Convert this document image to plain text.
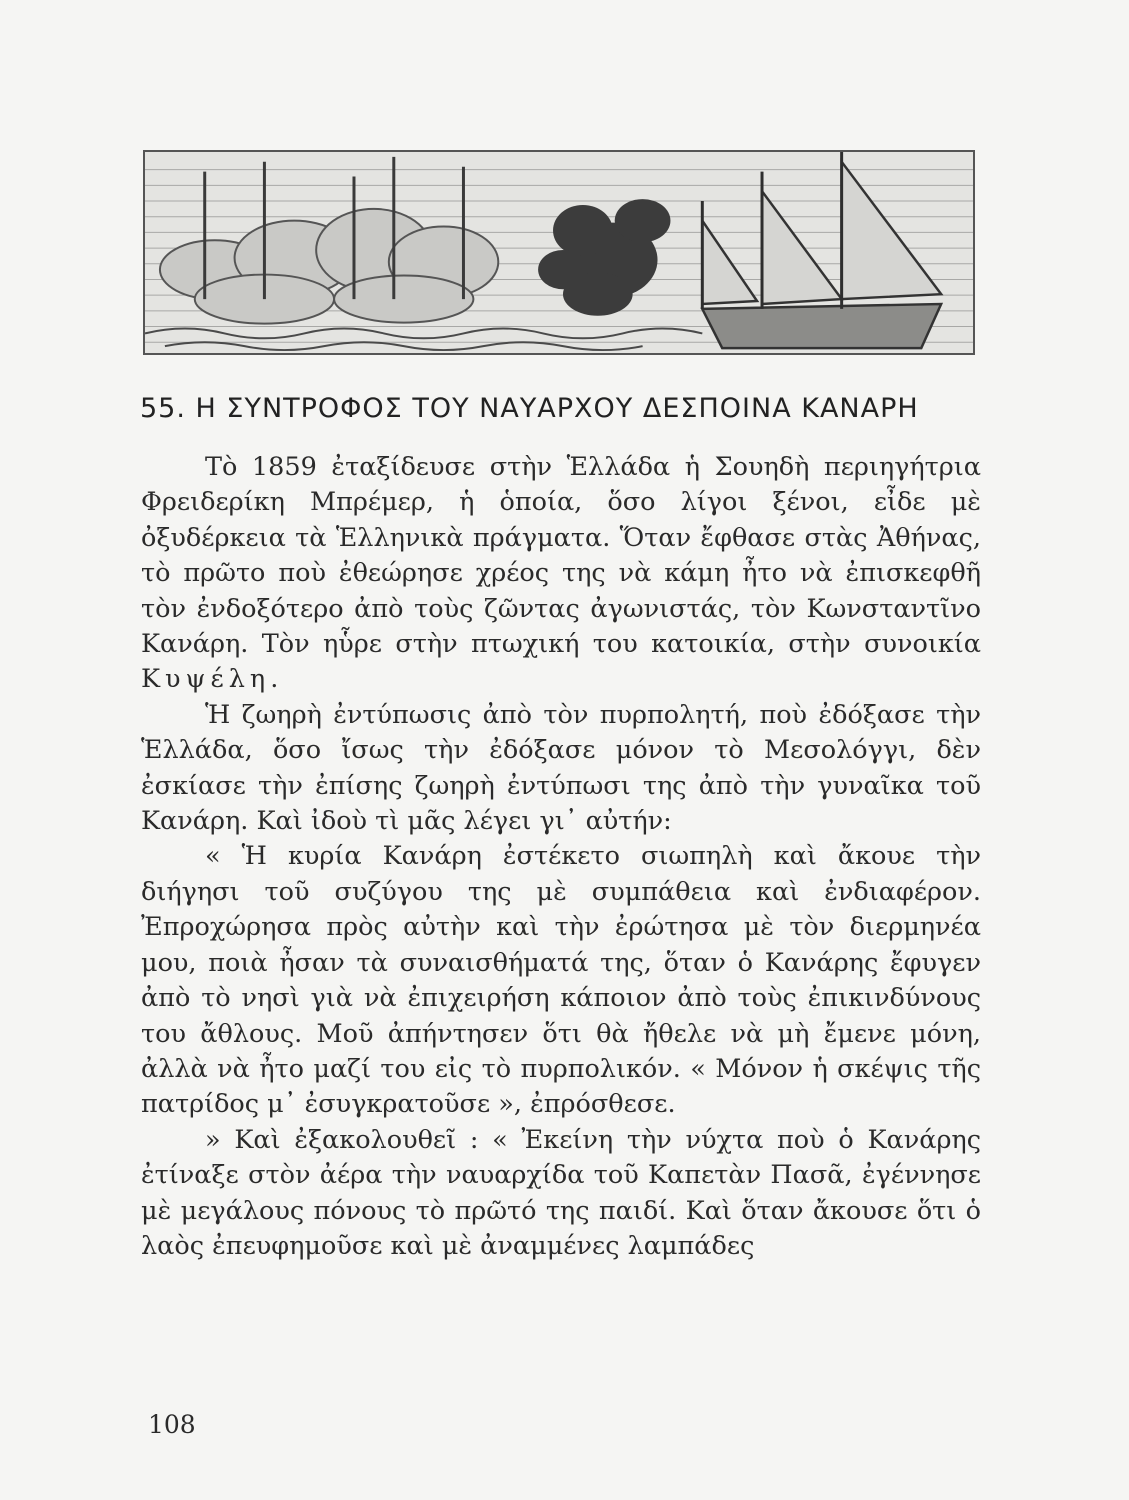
55. Η ΣΥΝΤΡΟΦΟΣ ΤΟΥ ΝΑΥΑΡΧΟΥ ΔΕΣΠΟΙΝΑ ΚΑΝΑΡΗ

Τὸ 1859 ἐταξίδευσε στὴν Ἑλλάδα ἡ Σουηδὴ περιηγήτρια Φρειδερίκη Μπρέμερ, ἡ ὁποία, ὅσο λίγοι ξένοι, εἶδε μὲ ὀξυδέρκεια τὰ Ἑλληνικὰ πράγματα. Ὅταν ἔφθασε στὰς Ἀθήνας, τὸ πρῶτο ποὺ ἐθεώρησε χρέος της νὰ κάμη ἦτο νὰ ἐπισκεφθῆ τὸν ἐνδοξότερο ἀπὸ τοὺς ζῶντας ἀγωνιστάς, τὸν Κωνσταντῖνο Κανάρη. Τὸν ηὗρε στὴν πτωχική του κατοικία, στὴν συνοικία Κυψέλη.

Ἡ ζωηρὴ ἐντύπωσις ἀπὸ τὸν πυρπολητή, ποὺ ἐδόξασε τὴν Ἑλλάδα, ὅσο ἴσως τὴν ἐδόξασε μόνον τὸ Μεσολόγγι, δὲν ἐσκίασε τὴν ἐπίσης ζωηρὴ ἐντύπωσι της ἀπὸ τὴν γυναῖκα τοῦ Κανάρη. Καὶ ἰδοὺ τὶ μᾶς λέγει γι᾽ αὐτήν:

« Ἡ κυρία Κανάρη ἐστέκετο σιωπηλὴ καὶ ἄκουε τὴν διήγησι τοῦ συζύγου της μὲ συμπάθεια καὶ ἐνδιαφέρον. Ἐπροχώρησα πρὸς αὐτὴν καὶ τὴν ἐρώτησα μὲ τὸν διερμηνέα μου, ποιὰ ἦσαν τὰ συναισθήματά της, ὅταν ὁ Κανάρης ἔφυγεν ἀπὸ τὸ νησὶ γιὰ νὰ ἐπιχειρήση κάποιον ἀπὸ τοὺς ἐπικινδύνους του ἄθλους. Μοῦ ἀπήντησεν ὅτι θὰ ἤθελε νὰ μὴ ἔμενε μόνη, ἀλλὰ νὰ ἦτο μαζί του εἰς τὸ πυρπολικόν. « Μόνον ἡ σκέψις τῆς πατρίδος μ᾽ ἐσυγκρατοῦσε », ἐπρόσθεσε.

» Καὶ ἐξακολουθεῖ : « Ἐκείνη τὴν νύχτα ποὺ ὁ Κανάρης ἐτίναξε στὸν ἀέρα τὴν ναυαρχίδα τοῦ Καπετὰν Πασᾶ, ἐγέννησε μὲ μεγάλους πόνους τὸ πρῶτό της παιδί. Καὶ ὅταν ἄκουσε ὅτι ὁ λαὸς ἐπευφημοῦσε καὶ μὲ ἀναμμένες λαμπάδες

108
